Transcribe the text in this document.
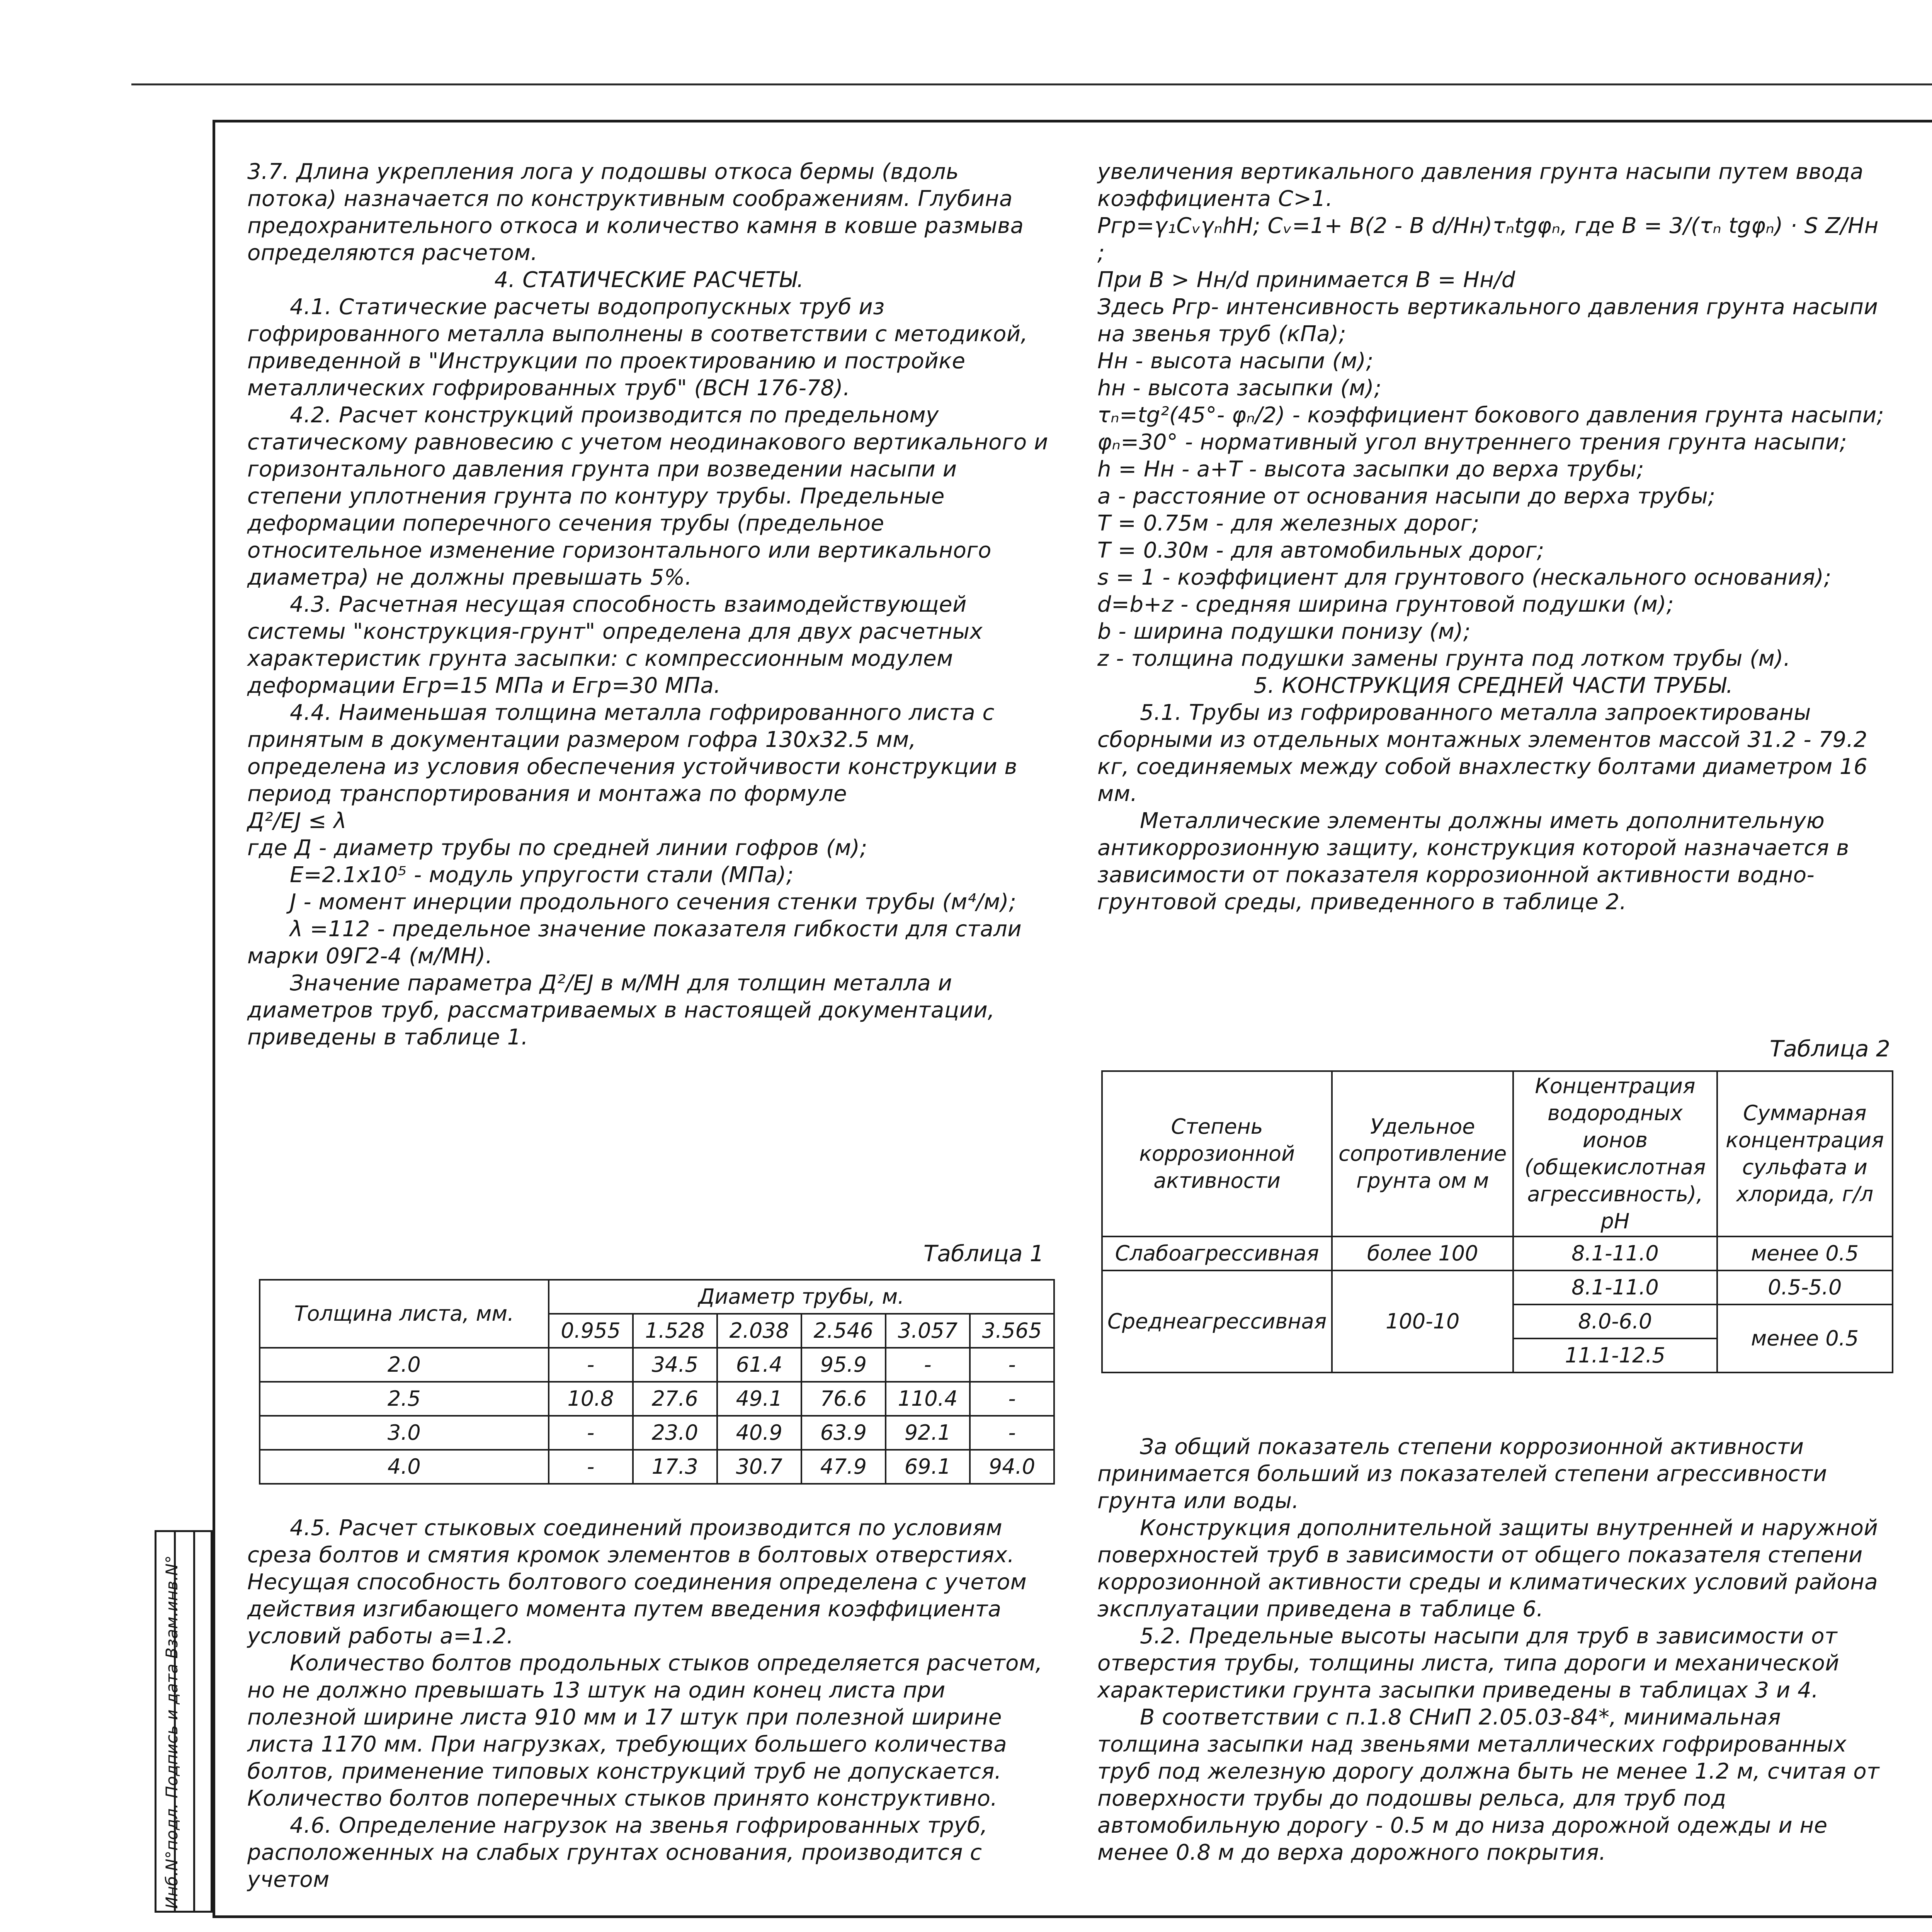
Инб.N°подл. Подпись и дата Взам.инв.N°

3.7. Длина укрепления лога у подошвы откоса бермы (вдоль потока) назначается по конструктивным соображениям. Глубина предохранительного откоса и количество камня в ковше размыва определяются расчетом.

4. СТАТИЧЕСКИЕ РАСЧЕТЫ.

4.1. Статические расчеты водопропускных труб из гофрированного металла выполнены в соответствии с методикой, приведенной в "Инструкции по проектированию и постройке металлических гофрированных труб" (ВСН 176-78).

4.2. Расчет конструкций производится по предельному статическому равновесию с учетом неодинакового вертикального и горизонтального давления грунта при возведении насыпи и степени уплотнения грунта по контуру трубы. Предельные деформации поперечного сечения трубы (предельное относительное изменение горизонтального или вертикального диаметра) не должны превышать 5%.

4.3. Расчетная несущая способность взаимодействующей системы "конструкция-грунт" определена для двух расчетных характеристик грунта засыпки: с компрессионным модулем деформации Егр=15 МПа и Егр=30 МПа.

4.4. Наименьшая толщина металла гофрированного листа с принятым в документации размером гофра 130х32.5 мм, определена из условия обеспечения устойчивости конструкции в период транспортирования и монтажа по формуле

Д²/EJ ≤ λ

где Д - диаметр трубы по средней линии гофров (м);

E=2.1x10⁵ - модуль упругости стали (МПа);

J - момент инерции продольного сечения стенки трубы (м⁴/м);

λ =112 - предельное значение показателя гибкости для стали марки 09Г2-4 (м/МН).

Значение параметра Д²/EJ в м/МН для толщин металла и

диаметров труб, рассматриваемых в настоящей документации, приведены в таблице 1.

Таблица 1
Толщина листа, мм.	Диаметр трубы, м.					
	0.955	1.528	2.038	2.546	3.057	3.565
2.0	-	34.5	61.4	95.9	-	-
2.5	10.8	27.6	49.1	76.6	110.4	-
3.0	-	23.0	40.9	63.9	92.1	-
4.0	-	17.3	30.7	47.9	69.1	94.0

4.5. Расчет стыковых соединений производится по условиям среза болтов и смятия кромок элементов в болтовых отверстиях. Несущая способность болтового соединения определена с учетом действия изгибающего момента путем введения коэффициента условий работы a=1.2.

Количество болтов продольных стыков определяется расчетом, но не должно превышать 13 штук на один конец листа при полезной ширине листа 910 мм и 17 штук при полезной ширине листа 1170 мм. При нагрузках, требующих большего количества болтов, применение типовых конструкций труб не допускается. Количество болтов поперечных стыков принято конструктивно.

4.6. Определение нагрузок на звенья гофрированных труб, расположенных на слабых грунтах основания, производится с учетом

увеличения вертикального давления грунта насыпи путем ввода коэффициента С>1.

Pгр=γ₁CᵥγₙhH; Cᵥ=1+ B(2 - B d/Hн)τₙtgφₙ, где B = 3/(τₙ tgφₙ) · S Z/Hн ;

При B > Hн/d принимается B = Hн/d

Здесь Pгр- интенсивность вертикального давления грунта насыпи на звенья труб (кПа);

Hн - высота насыпи (м);

hн - высота засыпки (м);

τₙ=tg²(45°- φₙ/2) - коэффициент бокового давления грунта насыпи;

φₙ=30° - нормативный угол внутреннего трения грунта насыпи;

h = Hн - a+T - высота засыпки до верха трубы;

a - расстояние от основания насыпи до верха трубы;

T = 0.75м - для железных дорог;

T = 0.30м - для автомобильных дорог;

s = 1 - коэффициент для грунтового (нескального основания);

d=b+z - средняя ширина грунтовой подушки (м);

b - ширина подушки понизу (м);

z - толщина подушки замены грунта под лотком трубы (м).

5. КОНСТРУКЦИЯ СРЕДНЕЙ ЧАСТИ ТРУБЫ.

5.1. Трубы из гофрированного металла запроектированы сборными из отдельных монтажных элементов массой 31.2 - 79.2 кг, соединяемых между собой внахлестку болтами диаметром 16 мм.

Металлические элементы должны иметь дополнительную антикоррозионную защиту, конструкция которой назначается в зависимости от показателя коррозионной активности водно-грунтовой среды, приведенного в таблице 2.

Таблица 2
Степень коррозионной активности	Удельное сопротивление грунта ом м	Концентрация водородных ионов (общекислотная агрессивность), pH	Суммарная концентрация сульфата и хлорида, г/л
Слабоагрессивная	более 100	8.1-11.0	менее 0.5
Среднеагрессивная	100-10	8.1-11.0	0.5-5.0
		8.0-6.0	менее 0.5
		11.1-12.5	

За общий показатель степени коррозионной активности принимается больший из показателей степени агрессивности грунта или воды.

Конструкция дополнительной защиты внутренней и наружной поверхностей труб в зависимости от общего показателя степени коррозионной активности среды и климатических условий района эксплуатации приведена в таблице 6.

5.2. Предельные высоты насыпи для труб в зависимости от отверстия трубы, толщины листа, типа дороги и механической характеристики грунта засыпки приведены в таблицах 3 и 4.

В соответствии с п.1.8 СНиП 2.05.03-84*, минимальная толщина засыпки над звеньями металлических гофрированных труб под железную дорогу должна быть не менее 1.2 м, считая от поверхности трубы до подошвы рельса, для труб под автомобильную дорогу - 0.5 м до низа дорожной одежды и не менее 0.8 м до верха дорожного покрытия.
